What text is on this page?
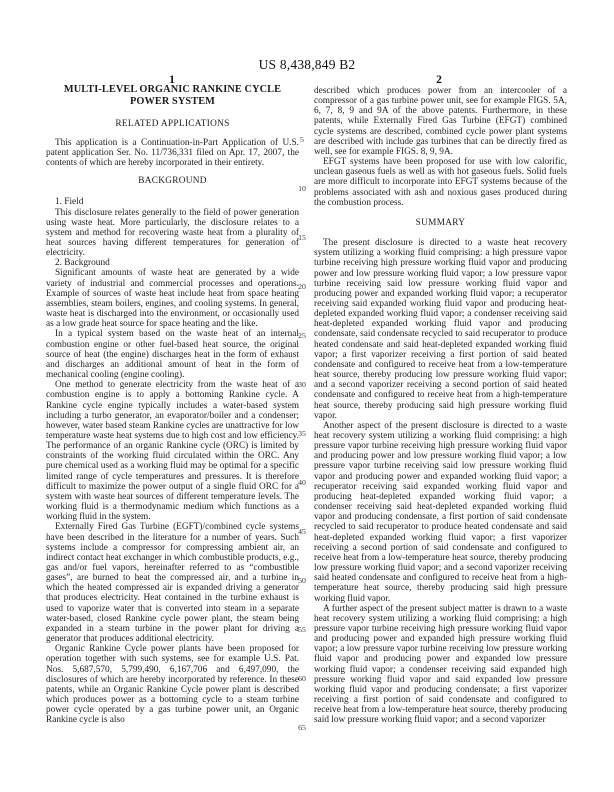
US 8,438,849 B2
1	2
5
10
15
20
25
30
35
40
45
50
55
60
65
MULTI-LEVEL ORGANIC RANKINE CYCLE POWER SYSTEM
RELATED APPLICATIONS

This application is a Continuation-in-Part Application of U.S. patent application Ser. No. 11/736,331 filed on Apr. 17, 2007, the contents of which are hereby incorporated in their entirety.

BACKGROUND

1. Field

This disclosure relates generally to the field of power generation using waste heat. More particularly, the disclosure relates to a system and method for recovering waste heat from a plurality of heat sources having different temperatures for generation of electricity.

2. Background

Significant amounts of waste heat are generated by a wide variety of industrial and commercial processes and operations. Example of sources of waste heat include heat from space heating assemblies, steam boilers, engines, and cooling systems. In general, waste heat is discharged into the environment, or occasionally used as a low grade heat source for space heating and the like.

In a typical system based on the waste heat of an internal combustion engine or other fuel-based heat source, the original source of heat (the engine) discharges heat in the form of exhaust and discharges an additional amount of heat in the form of mechanical cooling (engine cooling).

One method to generate electricity from the waste heat of a combustion engine is to apply a bottoming Rankine cycle. A Rankine cycle engine typically includes a water-based system including a turbo generator, an evaporator/boiler and a condenser; however, water based steam Rankine cycles are unattractive for low temperature waste heat systems due to high cost and low efficiency. The performance of an organic Rankine cycle (ORC) is limited by constraints of the working fluid circulated within the ORC. Any pure chemical used as a working fluid may be optimal for a specific limited range of cycle temperatures and pressures. It is therefore difficult to maximize the power output of a single fluid ORC for a system with waste heat sources of different temperature levels. The working fluid is a thermodynamic medium which functions as a working fluid in the system.

Externally Fired Gas Turbine (EGFT)/combined cycle systems have been described in the literature for a number of years. Such systems include a compressor for compressing ambient air, an indirect contact heat exchanger in which combustible products, e.g., gas and/or fuel vapors, hereinafter referred to as “combustible gases”, are burned to heat the compressed air, and a turbine in which the heated compressed air is expanded driving a generator that produces electricity. Heat contained in the turbine exhaust is used to vaporize water that is converted into steam in a separate water-based, closed Rankine cycle power plant, the steam being expanded in a steam turbine in the power plant for driving a generator that produces additional electricity.

Organic Rankine Cycle power plants have been proposed for operation together with such systems, see for example U.S. Pat. Nos. 5,687,570, 5,799,490, 6,167,706 and 6,497,090, the disclosures of which are hereby incorporated by reference. In these patents, while an Organic Rankine Cycle power plant is described which produces power as a bottoming cycle to a steam turbine power cycle operated by a gas turbine power unit, an Organic Rankine cycle is also

described which produces power from an intercooler of a compressor of a gas turbine power unit, see for example FIGS. 5A, 6, 7, 8, 9 and 9A of the above patents. Furthermore, in these patents, while Externally Fired Gas Turbine (EFGT) combined cycle systems are described, combined cycle power plant systems are described with include gas turbines that can be directly fired as well, see for example FIGS. 8, 9, 9A.

EFGT systems have been proposed for use with low calorific, unclean gaseous fuels as well as with hot gaseous fuels. Solid fuels are more difficult to incorporate into EFGT systems because of the problems associated with ash and noxious gases produced during the combustion process.

SUMMARY

The present disclosure is directed to a waste heat recovery system utilizing a working fluid comprising: a high pressure vapor turbine receiving high pressure working fluid vapor and producing power and low pressure working fluid vapor; a low pressure vapor turbine receiving said low pressure working fluid vapor and producing power and expanded working fluid vapor; a recuperator receiving said expanded working fluid vapor and producing heat-depleted expanded working fluid vapor; a condenser receiving said heat-depleted expanded working fluid vapor and producing condensate, said condensate recycled to said recuperator to produce heated condensate and said heat-depleted expanded working fluid vapor; a first vaporizer receiving a first portion of said heated condensate and configured to receive heat from a low-temperature heat source, thereby producing low pressure working fluid vapor; and a second vaporizer receiving a second portion of said heated condensate and configured to receive heat from a high-temperature heat source, thereby producing said high pressure working fluid vapor.

Another aspect of the present disclosure is directed to a waste heat recovery system utilizing a working fluid comprising: a high pressure vapor turbine receiving high pressure working fluid vapor and producing power and low pressure working fluid vapor; a low pressure vapor turbine receiving said low pressure working fluid vapor and producing power and expanded working fluid vapor; a recuperator receiving said expanded working fluid vapor and producing heat-depleted expanded working fluid vapor; a condenser receiving said heat-depleted expanded working fluid vapor and producing condensate, a first portion of said condensate recycled to said recuperator to produce heated condensate and said heat-depleted expanded working fluid vapor; a first vaporizer receiving a second portion of said condensate and configured to receive heat from a low-temperature heat source, thereby producing low pressure working fluid vapor; and a second vaporizer receiving said heated condensate and configured to receive heat from a high-temperature heat source, thereby producing said high pressure working fluid vapor.

A further aspect of the present subject matter is drawn to a waste heat recovery system utilizing a working fluid comprising: a high pressure vapor turbine receiving high pressure working fluid vapor and producing power and expanded high pressure working fluid vapor; a low pressure vapor turbine receiving low pressure working fluid vapor and producing power and expanded low pressure working fluid vapor; a condenser receiving said expanded high pressure working fluid vapor and said expanded low pressure working fluid vapor and producing condensate; a first vaporizer receiving a first portion of said condensate and configured to receive heat from a low-temperature heat source, thereby producing said low pressure working fluid vapor; and a second vaporizer
